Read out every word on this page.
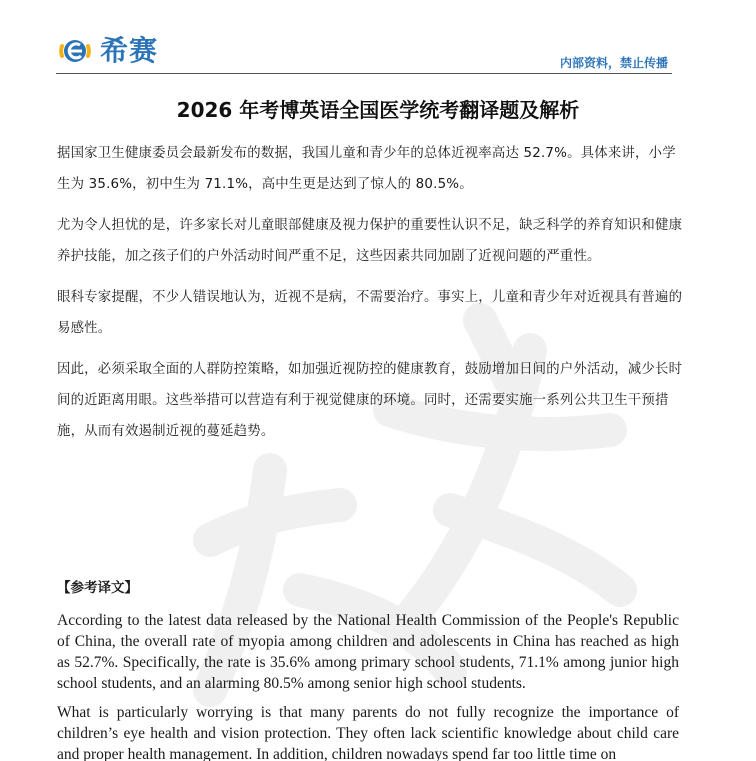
希赛	内部资料，禁止传播
2026 年考博英语全国医学统考翻译题及解析

据国家卫生健康委员会最新发布的数据，我国儿童和青少年的总体近视率高达 52.7%。具体来讲，小学生为 35.6%，初中生为 71.1%，高中生更是达到了惊人的 80.5%。

尤为令人担忧的是，许多家长对儿童眼部健康及视力保护的重要性认识不足，缺乏科学的养育知识和健康养护技能，加之孩子们的户外活动时间严重不足，这些因素共同加剧了近视问题的严重性。

眼科专家提醒，不少人错误地认为，近视不是病，不需要治疗。事实上，儿童和青少年对近视具有普遍的易感性。

因此，必须采取全面的人群防控策略，如加强近视防控的健康教育，鼓励增加日间的户外活动，减少长时间的近距离用眼。这些举措可以营造有利于视觉健康的环境。同时，还需要实施一系列公共卫生干预措施，从而有效遏制近视的蔓延趋势。

【参考译文】

According to the latest data released by the National Health Commission of the People's Republic of China, the overall rate of myopia among children and adolescents in China has reached as high as 52.7%. Specifically, the rate is 35.6% among primary school students, 71.1% among junior high school students, and an alarming 80.5% among senior high school students.

What is particularly worrying is that many parents do not fully recognize the importance of children’s eye health and vision protection. They often lack scientific knowledge about child care and proper health management. In addition, children nowadays spend far too little time on
